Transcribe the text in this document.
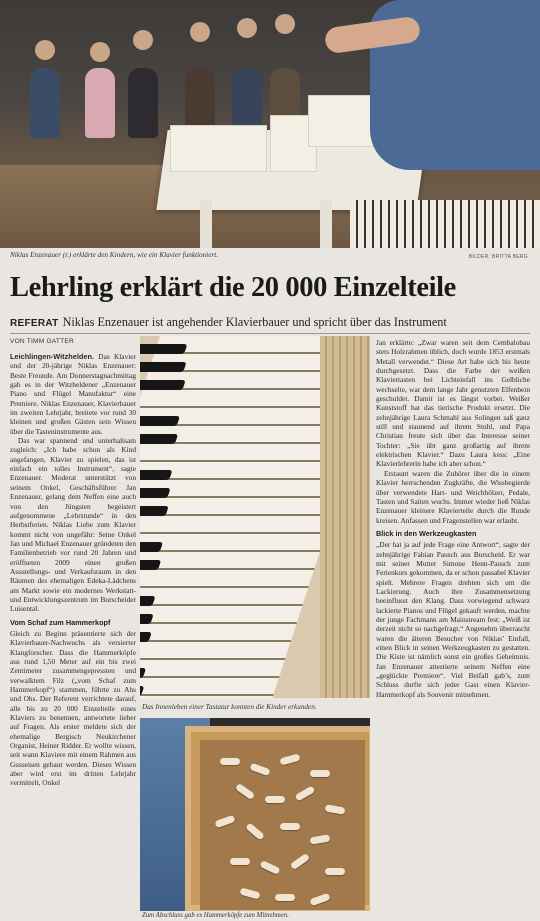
Niklas Enzenauer (r.) erklärte den Kindern, wie ein Klavier funktioniert.	BILDER: BRITTA BERG
Lehrling erklärt die 20 000 Einzelteile
REFERAT Niklas Enzenauer ist angehender Klavierbauer und spricht über das Instrument
VON TIMM GATTER

Leichlingen-Witzhelden. Das Klavier und der 20-jährige Niklas Enzenauer: Beste Freunde. Am Donnerstagnachmittag gab es in der Witzheldener „Enzenauer Piano und Flügel Manufaktur“ eine Premiere. Niklas Enzenauer, Klavierbauer im zweiten Lehrjahr, breitete vor rund 30 kleinen und großen Gästen sein Wissen über die Tasteninstrumente aus.

Das war spannend und unterhaltsam zugleich: „Ich habe schon als Kind angefangen, Klavier zu spielen, das ist einfach ein tolles Instrument“, sagte Enzenauer. Moderat unterstützt von seinem Onkel, Geschäftsführer Jan Enzenauer, gelang dem Neffen eine auch von den Jüngsten begeistert aufgenommene „Lehrstunde“ in den Herbstferien. Niklas Liebe zum Klavier kommt nicht von ungefähr: Seine Onkel Jan und Michael Enzenauer gründeten den Familienbetrieb vor rund 20 Jahren und eröffneten 2009 einen großen Ausstellungs- und Verkaufsraum in den Räumen des ehemaligen Edeka-Lädchens am Markt sowie ein modernes Werkstatt- und Entwicklungszentrum im Burscheider Luisental.

Vom Schaf zum Hammerkopf

Gleich zu Beginn präsentierte sich der Klavierbauer-Nachwuchs als versierter Klangforscher. Dass die Hammerköpfe aus rund 1,50 Meter auf ein bis zwei Zentimeter zusammengepressten und verwalktem Filz („vom Schaf zum Hammerkopf“) stammen, führte zu Ahs und Ohs. Der Referent verrichtete darauf, alle bis zu 20 000 Einzelteile eines Klaviers zu benennen, antwortete lieber auf Fragen. Als erster meldete sich der ehemalige Bergisch Neukirchener Organist, Heiner Ridder. Er wollte wissen, seit wann Klaviere mit einem Rahmen aus Gusseisen gebaut werden. Dieses Wissen aber wird erst im dritten Lehrjahr vermittelt, Onkel

Das Innenleben einer Tastatur konnten die Kinder erkunden.
Zum Abschluss gab es Hammerköpfe zum Mitnehmen.

Jan erklärte: „Zwar waren seit dem Cembalobau stets Holzrahmen üblich, doch wurde 1853 erstmals Metall verwendet.“ Diese Art habe sich bis heute durchgesetzt. Dass die Farbe der weißen Klaviertasten bei Lichteinfall ins Gelbliche wechselte, war dem lange Jahr genutzten Elfenbein geschuldet. Damit ist es längst vorbei. Weißer Kunststoff hat das tierische Produkt ersetzt. Die zehnjährige Laura Schmahl aus Solingen saß ganz still und staunend auf ihrem Stuhl, und Papa Christian freute sich über das Interesse seiner Tochter: „Sie übt ganz großartig auf ihrem elektrischen Klavier.“ Dazu Laura kess: „Eine Klavierlehrerin habe ich aber schon.“

Erstaunt waren die Zuhörer über die in einem Klavier herrschenden Zugkräfte, die Wissbegierde über verwendete Hart- und Weichhölzer, Pedale, Tasten und Saiten wuchs. Immer wieder ließ Niklas Enzenauer kleinere Klavierteile durch die Runde kreisen. Anfassen und Fragenstellen war erlaubt.

Blick in den Werkzeugkasten

„Der hat ja auf jede Frage eine Antwort“, sagte der zehnjährige Fabian Pausch aus Burscheid. Er war mit seiner Mutter Simone Henn-Pausch zum Ferienkurs gekommen, da er schon passabel Klavier spielt. Mehrere Fragen drehten sich um die Lackierung. Auch ihre Zusammensetzung beeinflusst den Klang. Dass vorwiegend schwarz lackierte Pianos und Flügel gekauft werden, machte der junge Fachmann am Mainstream fest: „Weiß ist derzeit nicht so nachgefragt.“ Angenehm überrascht waren die älteren Besucher von Niklas’ Einfall, einen Blick in seinen Werkzeugkasten zu gestatten. Die Kiste ist nämlich sonst ein großes Geheimnis. Jan Enzenauer attestierte seinem Neffen eine „geglückte Premiere“. Viel Beifall gab’s, zum Schluss durfte sich jeder Gast einen Klavier-Hammerkopf als Souvenir mitnehmen.
